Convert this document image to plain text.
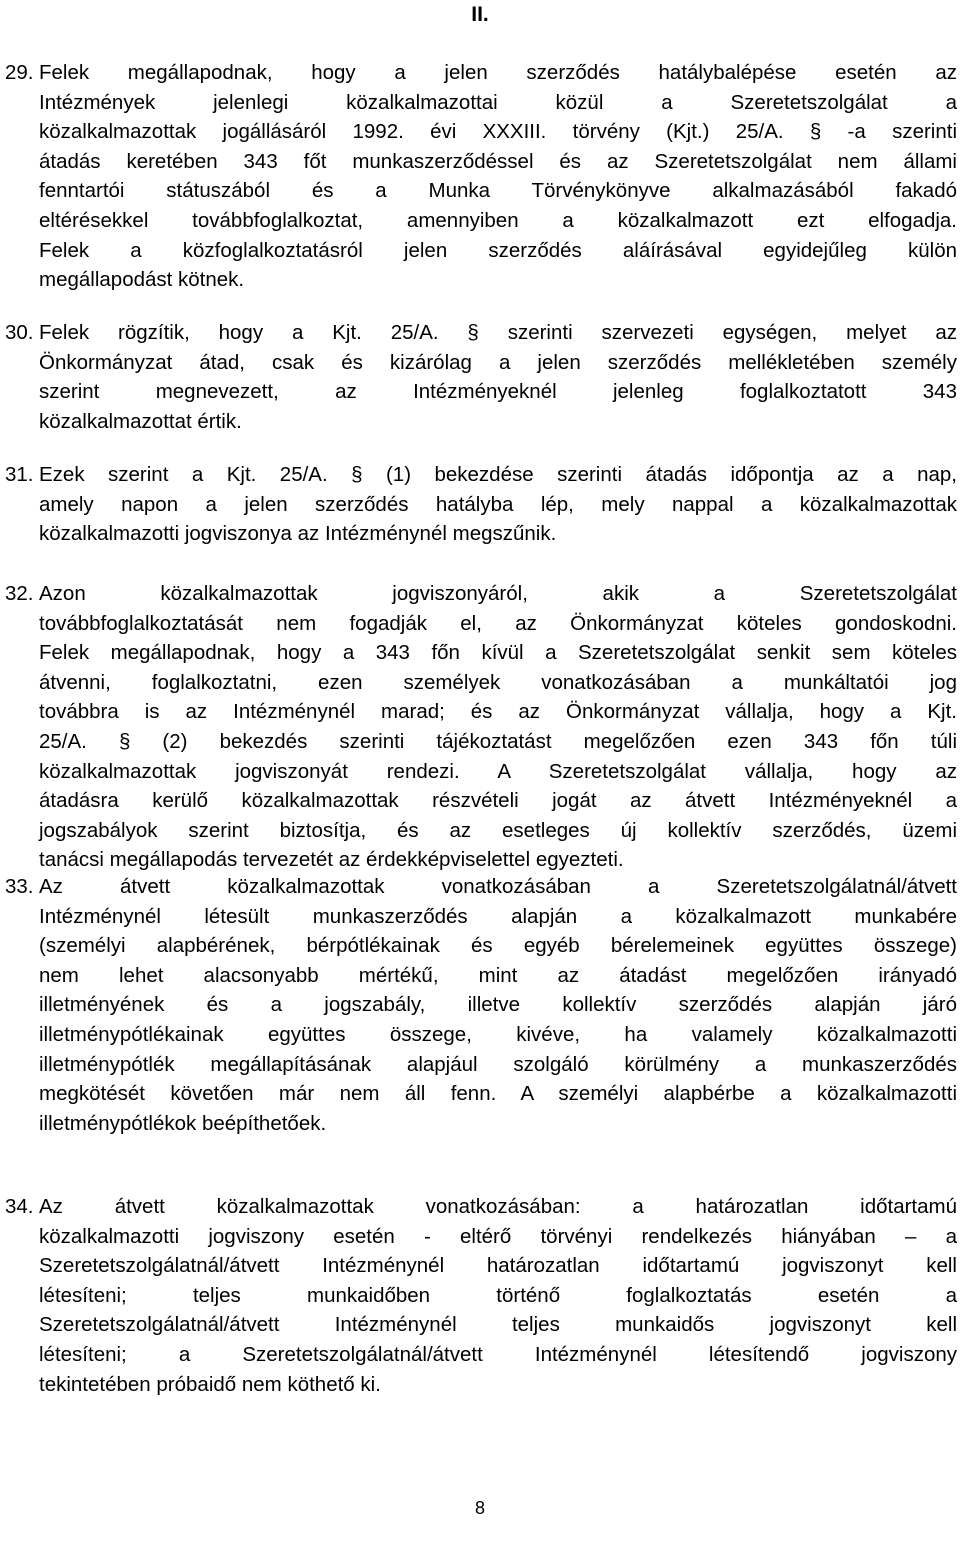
II.
29. Felek megállapodnak, hogy a jelen szerződés hatálybalépése esetén az
Intézmények jelenlegi közalkalmazottai közül a Szeretetszolgálat a
közalkalmazottak jogállásáról 1992. évi XXXIII. törvény (Kjt.) 25/A. § -a szerinti
átadás keretében 343 főt munkaszerződéssel és az Szeretetszolgálat nem állami
fenntartói státuszából és a Munka Törvénykönyve alkalmazásából fakadó
eltérésekkel továbbfoglalkoztat, amennyiben a közalkalmazott ezt elfogadja.
Felek a közfoglalkoztatásról jelen szerződés aláírásával egyidejűleg külön
megállapodást kötnek.
30. Felek rögzítik, hogy a Kjt. 25/A. § szerinti szervezeti egységen, melyet az
Önkormányzat átad, csak és kizárólag a jelen szerződés mellékletében személy
szerint megnevezett, az Intézményeknél jelenleg foglalkoztatott 343
közalkalmazottat értik.
31. Ezek szerint a Kjt. 25/A. § (1) bekezdése szerinti átadás időpontja az a nap,
amely napon a jelen szerződés hatályba lép, mely nappal a közalkalmazottak
közalkalmazotti jogviszonya az Intézménynél megszűnik.
32. Azon közalkalmazottak jogviszonyáról, akik a Szeretetszolgálat
továbbfoglalkoztatását nem fogadják el, az Önkormányzat köteles gondoskodni.
Felek megállapodnak, hogy a 343 főn kívül a Szeretetszolgálat senkit sem köteles
átvenni, foglalkoztatni, ezen személyek vonatkozásában a munkáltatói jog
továbbra is az Intézménynél marad; és az Önkormányzat vállalja, hogy a Kjt.
25/A. § (2) bekezdés szerinti tájékoztatást megelőzően ezen 343 főn túli
közalkalmazottak jogviszonyát rendezi. A Szeretetszolgálat vállalja, hogy az
átadásra kerülő közalkalmazottak részvételi jogát az átvett Intézményeknél a
jogszabályok szerint biztosítja, és az esetleges új kollektív szerződés, üzemi
tanácsi megállapodás tervezetét az érdekképviselettel egyezteti.
33. Az átvett közalkalmazottak vonatkozásában a Szeretetszolgálatnál/átvett
Intézménynél létesült munkaszerződés alapján a közalkalmazott munkabére
(személyi alapbérének, bérpótlékainak és egyéb bérelemeinek együttes összege)
nem lehet alacsonyabb mértékű, mint az átadást megelőzően irányadó
illetményének és a jogszabály, illetve kollektív szerződés alapján járó
illetménypótlékainak együttes összege, kivéve, ha valamely közalkalmazotti
illetménypótlék megállapításának alapjául szolgáló körülmény a munkaszerződés
megkötését követően már nem áll fenn. A személyi alapbérbe a közalkalmazotti
illetménypótlékok beépíthetőek.
34. Az átvett közalkalmazottak vonatkozásában: a határozatlan időtartamú
közalkalmazotti jogviszony esetén - eltérő törvényi rendelkezés hiányában – a
Szeretetszolgálatnál/átvett Intézménynél határozatlan időtartamú jogviszonyt kell
létesíteni; teljes munkaidőben történő foglalkoztatás esetén a
Szeretetszolgálatnál/átvett Intézménynél teljes munkaidős jogviszonyt kell
létesíteni; a Szeretetszolgálatnál/átvett Intézménynél létesítendő jogviszony
tekintetében próbaidő nem köthető ki.
8
